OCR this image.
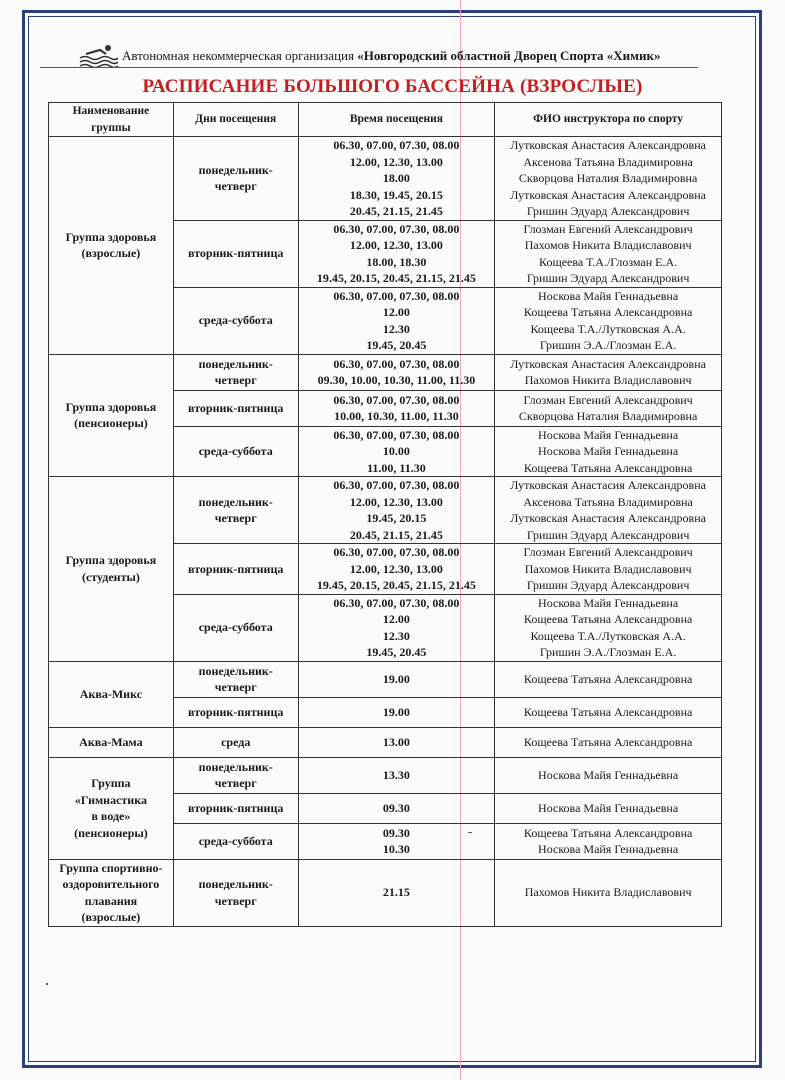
Автономная некоммерческая организация «Новгородский областной Дворец Спорта «Химик»
РАСПИСАНИЕ БОЛЬШОГО БАССЕЙНА (ВЗРОСЛЫЕ)
Наименование
группы	Дни посещения	Время посещения	ФИО инструктора по спорту

Группа здоровья
(взрослые)	понедельник-
четверг	06.30, 07.00, 07.30, 08.00
12.00, 12.30, 13.00
18.00
18.30, 19.45, 20.15
20.45, 21.15, 21.45	Лутковская Анастасия Александровна
Аксенова Татьяна Владимировна
Скворцова Наталия Владимировна
Лутковская Анастасия Александровна
Гришин Эдуард Александрович

	вторник-пятница	06.30, 07.00, 07.30, 08.00
12.00, 12.30, 13.00
18.00, 18.30
19.45, 20.15, 20.45, 21.15, 21.45	Глозман Евгений Александрович
Пахомов Никита Владиславович
Кощеева Т.А./Глозман Е.А.
Гришин Эдуард Александрович

	среда-суббота	06.30, 07.00, 07.30, 08.00
12.00
12.30
19.45, 20.45	Носкова Майя Геннадьевна
Кощеева Татьяна Александровна
Кощеева Т.А./Лутковская А.А.
Гришин Э.А./Глозман Е.А.

Группа здоровья
(пенсионеры)	понедельник-
четверг	06.30, 07.00, 07.30, 08.00
09.30, 10.00, 10.30, 11.00, 11.30	Лутковская Анастасия Александровна
Пахомов Никита Владиславович

	вторник-пятница	06.30, 07.00, 07.30, 08.00
10.00, 10.30, 11.00, 11.30	Глозман Евгений Александрович
Скворцова Наталия Владимировна

	среда-суббота	06.30, 07.00, 07.30, 08.00
10.00
11.00, 11.30	Носкова Майя Геннадьевна
Носкова Майя Геннадьевна
Кощеева Татьяна Александровна

Группа здоровья
(студенты)	понедельник-
четверг	06.30, 07.00, 07.30, 08.00
12.00, 12.30, 13.00
19.45, 20.15
20.45, 21.15, 21.45	Лутковская Анастасия Александровна
Аксенова Татьяна Владимировна
Лутковская Анастасия Александровна
Гришин Эдуард Александрович

	вторник-пятница	06.30, 07.00, 07.30, 08.00
12.00, 12.30, 13.00
19.45, 20.15, 20.45, 21.15, 21.45	Глозман Евгений Александрович
Пахомов Никита Владиславович
Гришин Эдуард Александрович

	среда-суббота	06.30, 07.00, 07.30, 08.00
12.00
12.30
19.45, 20.45	Носкова Майя Геннадьевна
Кощеева Татьяна Александровна
Кощеева Т.А./Лутковская А.А.
Гришин Э.А./Глозман Е.А.

Аква-Микс	понедельник-
четверг	19.00	Кощеева Татьяна Александровна

	вторник-пятница	19.00	Кощеева Татьяна Александровна

Аква-Мама	среда	13.00	Кощеева Татьяна Александровна

Группа
«Гимнастика
в воде»
(пенсионеры)	понедельник-
четверг	13.30	Носкова Майя Геннадьевна

	вторник-пятница	09.30	Носкова Майя Геннадьевна

	среда-суббота	09.30
10.30	Кощеева Татьяна Александровна
Носкова Майя Геннадьевна

Группа спортивно-
оздоровительного
плавания
(взрослые)	понедельник-
четверг	21.15	Пахомов Никита Владиславович
